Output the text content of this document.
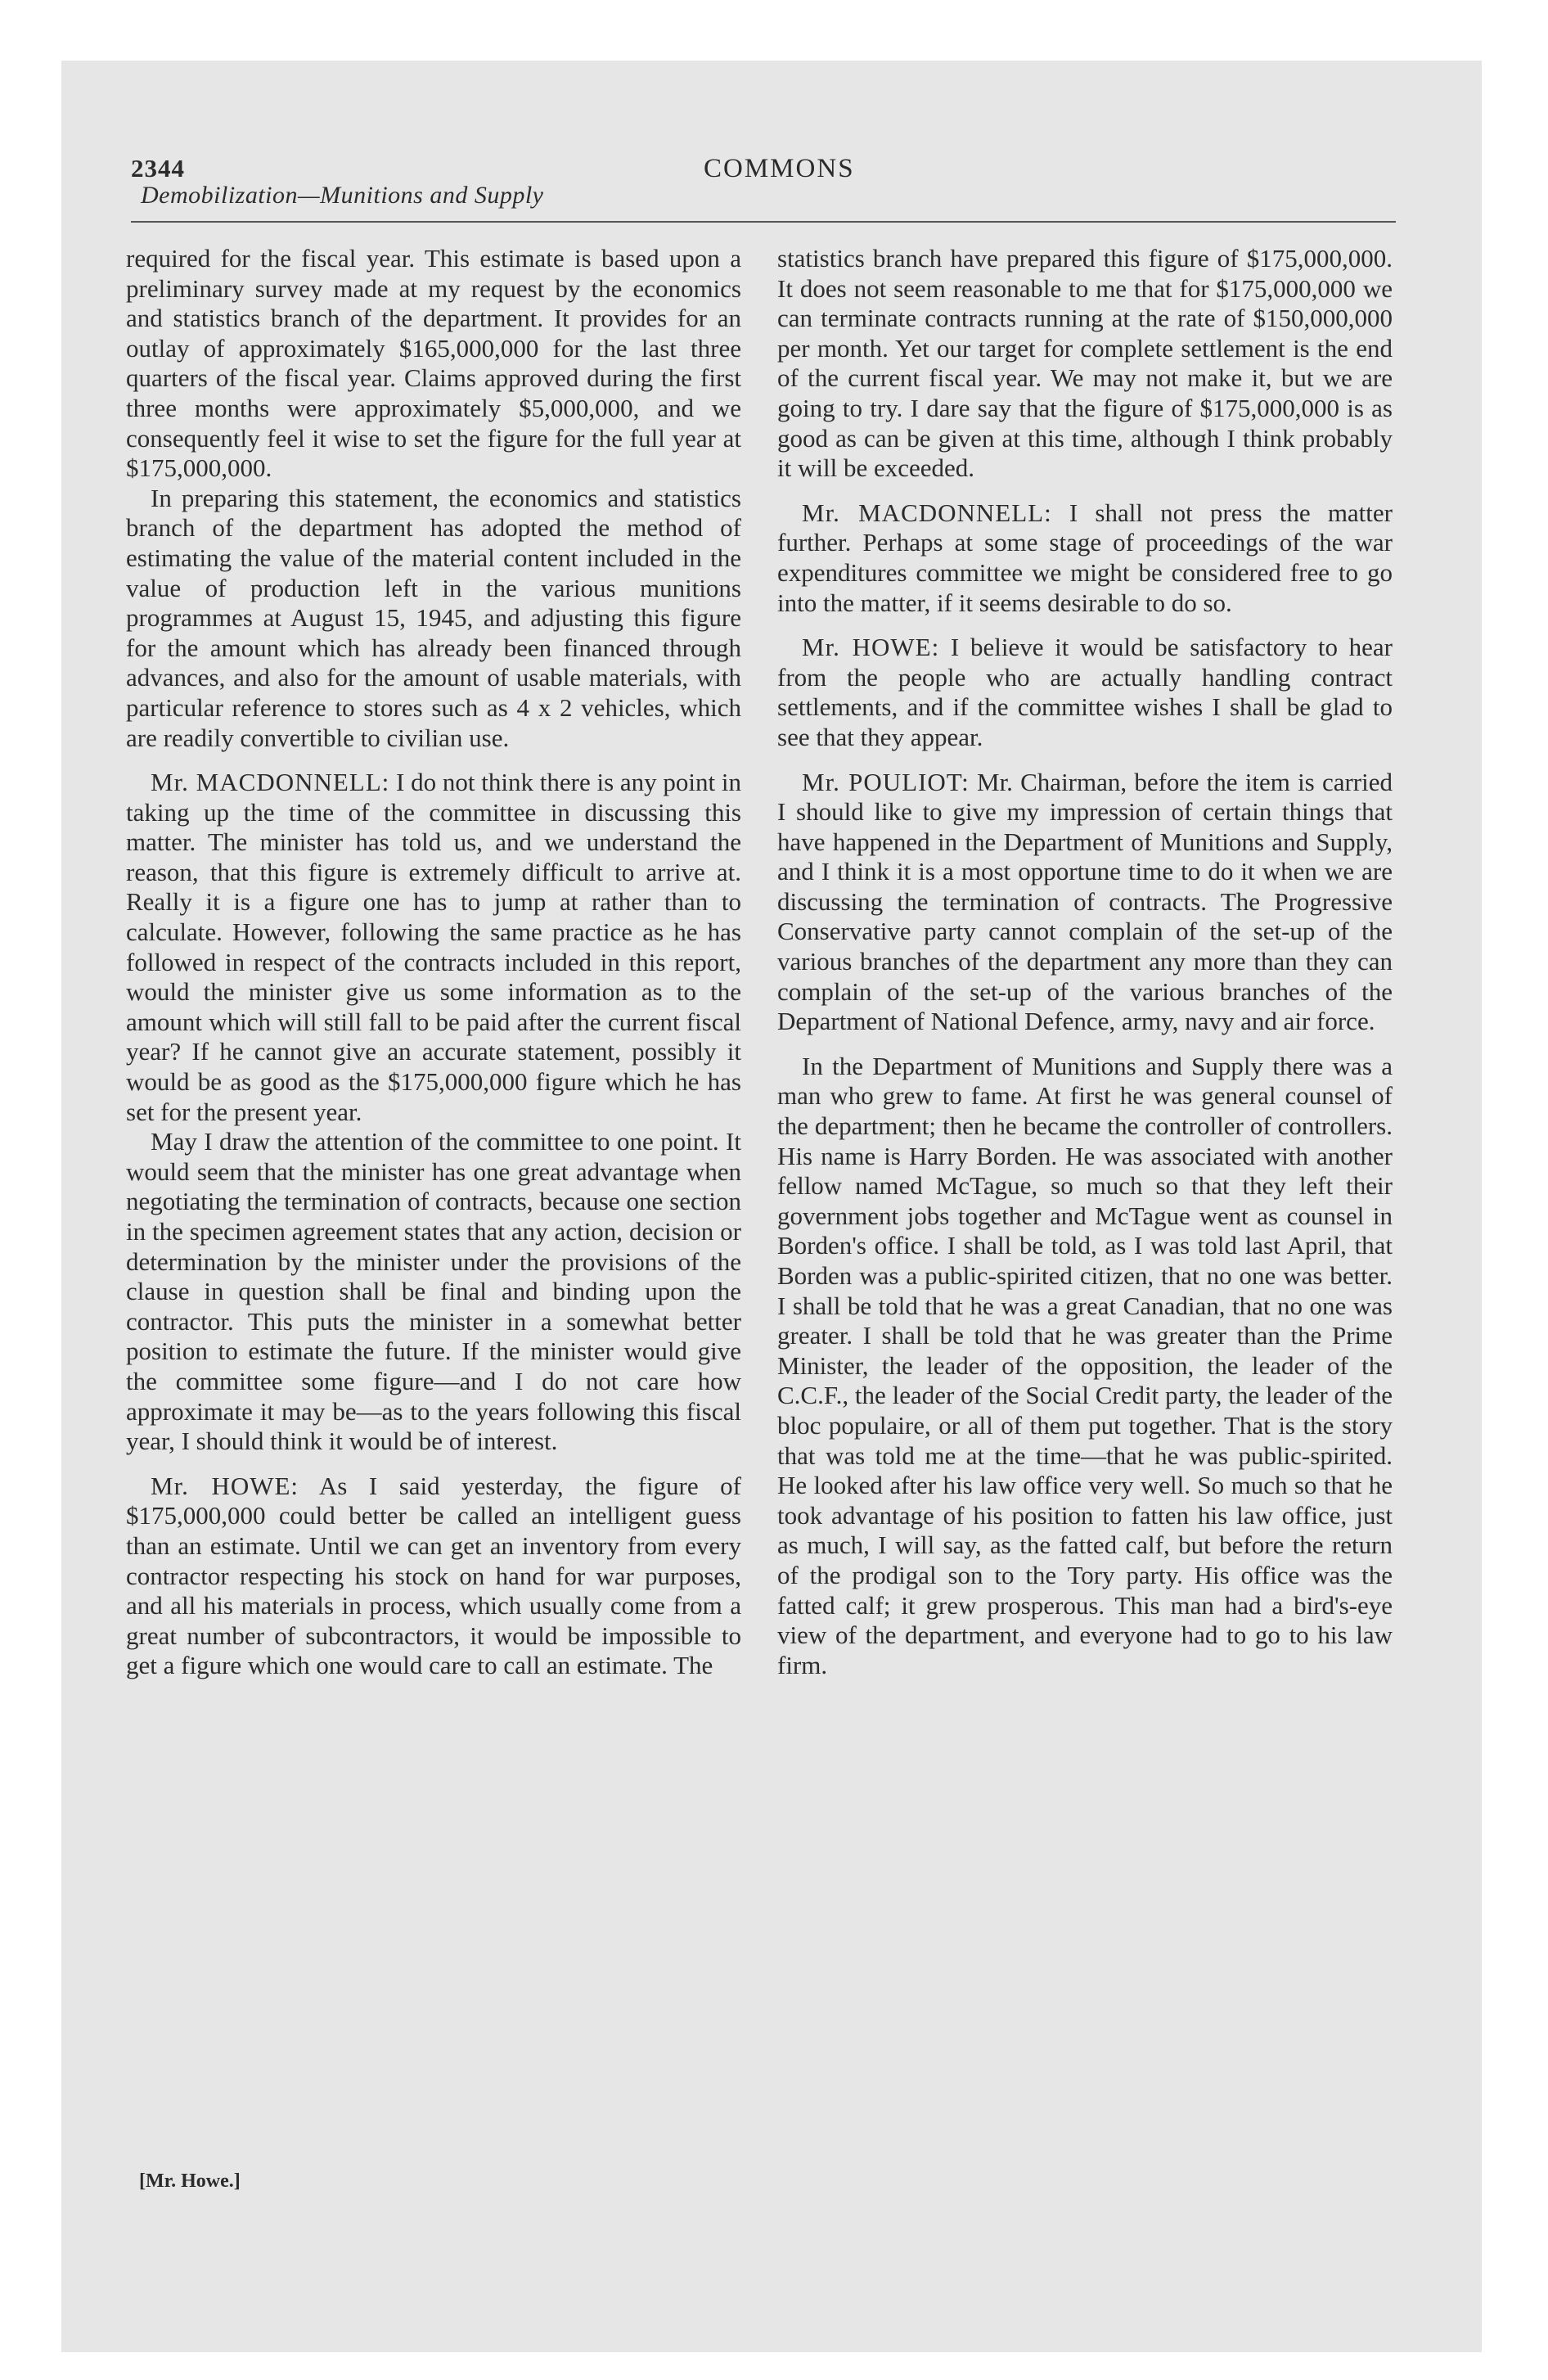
2344	COMMONS
Demobilization—Munitions and Supply

required for the fiscal year. This estimate is based upon a preliminary survey made at my request by the economics and statistics branch of the department. It provides for an outlay of approximately $165,000,000 for the last three quarters of the fiscal year. Claims approved during the first three months were approximately $5,000,000, and we consequently feel it wise to set the figure for the full year at $175,000,000.

In preparing this statement, the economics and statistics branch of the department has adopted the method of estimating the value of the material content included in the value of production left in the various munitions programmes at August 15, 1945, and adjusting this figure for the amount which has already been financed through advances, and also for the amount of usable materials, with particular reference to stores such as 4 x 2 vehicles, which are readily convertible to civilian use.

Mr. MACDONNELL: I do not think there is any point in taking up the time of the committee in discussing this matter. The minister has told us, and we understand the reason, that this figure is extremely difficult to arrive at. Really it is a figure one has to jump at rather than to calculate. However, following the same practice as he has followed in respect of the contracts included in this report, would the minister give us some information as to the amount which will still fall to be paid after the current fiscal year? If he cannot give an accurate statement, possibly it would be as good as the $175,000,000 figure which he has set for the present year.

May I draw the attention of the committee to one point. It would seem that the minister has one great advantage when negotiating the termination of contracts, because one section in the specimen agreement states that any action, decision or determination by the minister under the provisions of the clause in question shall be final and binding upon the contractor. This puts the minister in a somewhat better position to estimate the future. If the minister would give the committee some figure—and I do not care how approximate it may be—as to the years following this fiscal year, I should think it would be of interest.

Mr. HOWE: As I said yesterday, the figure of $175,000,000 could better be called an intelligent guess than an estimate. Until we can get an inventory from every contractor respecting his stock on hand for war purposes, and all his materials in process, which usually come from a great number of subcontractors, it would be impossible to get a figure which one would care to call an estimate. The

statistics branch have prepared this figure of $175,000,000. It does not seem reasonable to me that for $175,000,000 we can terminate contracts running at the rate of $150,000,000 per month. Yet our target for complete settlement is the end of the current fiscal year. We may not make it, but we are going to try. I dare say that the figure of $175,000,000 is as good as can be given at this time, although I think probably it will be exceeded.

Mr. MACDONNELL: I shall not press the matter further. Perhaps at some stage of proceedings of the war expenditures committee we might be considered free to go into the matter, if it seems desirable to do so.

Mr. HOWE: I believe it would be satisfactory to hear from the people who are actually handling contract settlements, and if the committee wishes I shall be glad to see that they appear.

Mr. POULIOT: Mr. Chairman, before the item is carried I should like to give my impression of certain things that have happened in the Department of Munitions and Supply, and I think it is a most opportune time to do it when we are discussing the termination of contracts. The Progressive Conservative party cannot complain of the set-up of the various branches of the department any more than they can complain of the set-up of the various branches of the Department of National Defence, army, navy and air force.

In the Department of Munitions and Supply there was a man who grew to fame. At first he was general counsel of the department; then he became the controller of controllers. His name is Harry Borden. He was associated with another fellow named McTague, so much so that they left their government jobs together and McTague went as counsel in Borden's office. I shall be told, as I was told last April, that Borden was a public-spirited citizen, that no one was better. I shall be told that he was a great Canadian, that no one was greater. I shall be told that he was greater than the Prime Minister, the leader of the opposition, the leader of the C.C.F., the leader of the Social Credit party, the leader of the bloc populaire, or all of them put together. That is the story that was told me at the time—that he was public-spirited. He looked after his law office very well. So much so that he took advantage of his position to fatten his law office, just as much, I will say, as the fatted calf, but before the return of the prodigal son to the Tory party. His office was the fatted calf; it grew prosperous. This man had a bird's-eye view of the department, and everyone had to go to his law firm.

[Mr. Howe.]
